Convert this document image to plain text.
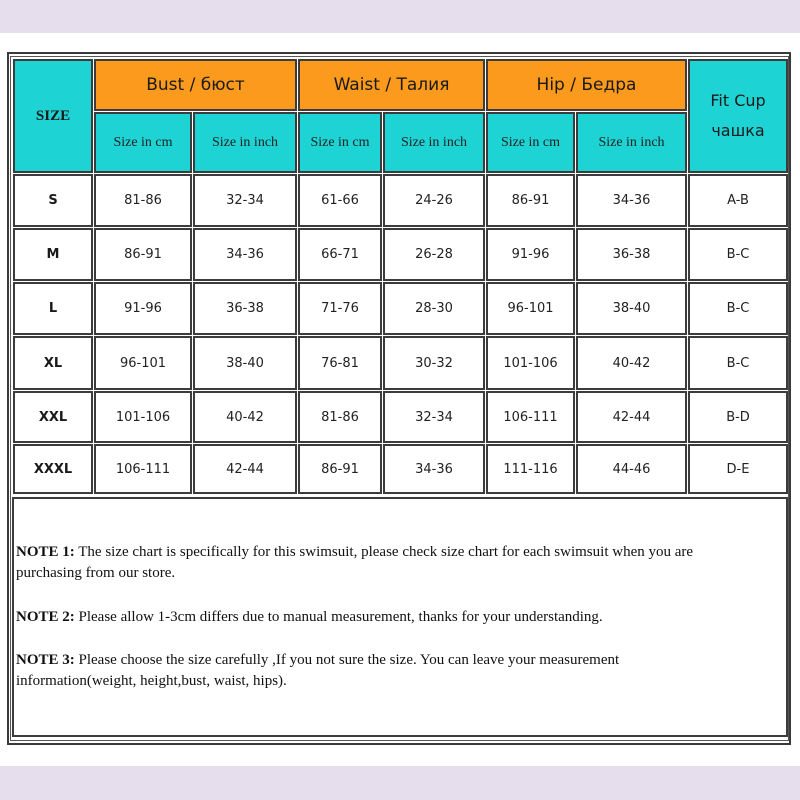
SIZE
Bust / бюст	Waist / Талия	Hip / Бедра
Fit Cup
чашка
Size in cm	Size in inch	Size in cm	Size in inch	Size in cm	Size in inch
S	81-86	32-34	61-66	24-26	86-91	34-36	A-B
M	86-91	34-36	66-71	26-28	91-96	36-38	B-C
L	91-96	36-38	71-76	28-30	96-101	38-40	B-C
XL	96-101	38-40	76-81	30-32	101-106	40-42	B-C
XXL	101-106	40-42	81-86	32-34	106-111	42-44	B-D
XXXL	106-111	42-44	86-91	34-36	111-116	44-46	D-E
NOTE 1: The size chart is specifically for this swimsuit, please check size chart for each swimsuit when you are
purchasing from our store.
NOTE 2: Please allow 1-3cm differs due to manual measurement, thanks for your understanding.
NOTE 3: Please choose the size carefully ,If you not sure the size. You can leave your measurement
information(weight, height,bust, waist, hips).
